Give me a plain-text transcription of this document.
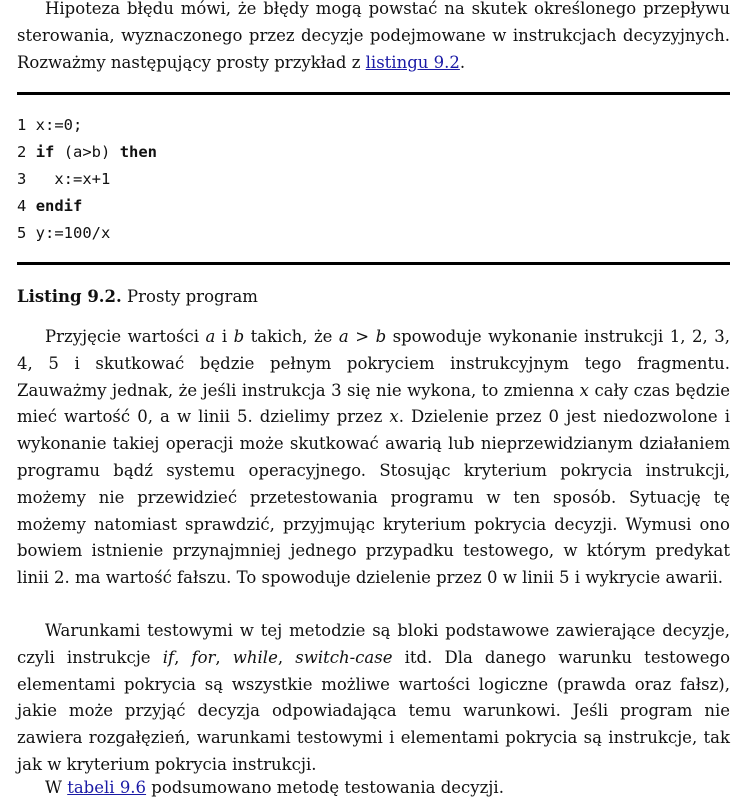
Hipoteza błędu mówi, że błędy mogą powstać na skutek określonego przepływu sterowania, wyznaczonego przez decyzje podejmowane w instrukcjach decyzyjnych. Rozważmy następujący prosty przykład z listingu 9.2.

1 x:=0;
2 if (a>b) then
3   x:=x+1
4 endif
5 y:=100/x
Listing 9.2. Prosty program

Przyjęcie wartości a i b takich, że a > b spowoduje wykonanie instrukcji 1, 2, 3, 4, 5 i skutkować będzie pełnym pokryciem instrukcyjnym tego fragmentu. Zauważmy jednak, że jeśli instrukcja 3 się nie wykona, to zmienna x cały czas będzie mieć wartość 0, a w linii 5. dzielimy przez x. Dzielenie przez 0 jest niedozwolone i wykonanie takiej operacji może skutkować awarią lub nieprzewidzianym działaniem programu bądź systemu operacyjnego. Stosując kryterium pokrycia instrukcji, możemy nie przewidzieć przetestowania programu w ten sposób. Sytuację tę możemy natomiast sprawdzić, przyjmując kryterium pokrycia decyzji. Wymusi ono bowiem istnienie przynajmniej jednego przypadku testowego, w którym predykat linii 2. ma wartość fałszu. To spowoduje dzielenie przez 0 w linii 5 i wykrycie awarii.

Warunkami testowymi w tej metodzie są bloki podstawowe zawierające decyzje, czyli instrukcje if, for, while, switch-case itd. Dla danego warunku testowego elementami pokrycia są wszystkie możliwe wartości logiczne (prawda oraz fałsz), jakie może przyjąć decyzja odpowiadająca temu warunkowi. Jeśli program nie zawiera rozgałęzień, warunkami testowymi i elementami pokrycia są instrukcje, tak jak w kryterium pokrycia instrukcji.

W tabeli 9.6 podsumowano metodę testowania decyzji.
